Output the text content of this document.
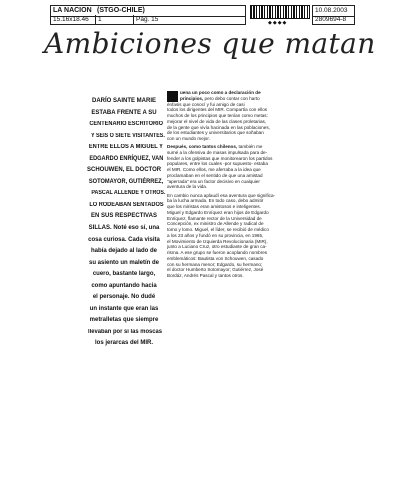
LA NACION (STGO-CHILE)
15.16x18.46	1	Pág. 15	◆◆◆◆
10.08.2003
2809694-8
Ambiciones que matan
DARÍO SAINTE MARIE
ESTABA FRENTE A SU
CENTENARIO ESCRITORIO
Y SEIS O SIETE VISITANTES.
ENTRE ELLOS A MIGUEL Y
EDGARDO ENRÍQUEZ, VAN
SCHOUWEN, EL DOCTOR
SOTOMAYOR, GUTIÉRREZ,
PASCAL ALLENDE Y OTROS.
LO RODEABAN SENTADOS
EN SUS RESPECTIVAS
SILLAS. Noté eso sí, una
cosa curiosa. Cada visita
había dejado al lado de
su asiento un maletín de
cuero, bastante largo,
como apuntando hacia
el personaje. No dudé
un instante que eran las
metralletas que siempre
llevaban por sí las moscas
los jerarcas del MIR.

uena un poco como a declaración de
principios, pero debo contar con harto
énfasis que conocí y fui amigo de casi
todos los dirigentes del MIR. Compartía con ellos
muchos de los principios que tenían como metas:
mejorar el nivel de vida de las clases proletarias,
de la gente que vivía hacinada en las poblaciones,
de los estudiantes y universitarios que soñaban
con un mundo mejor.

Después, como tantos chilenos, también me
sumé a la ofensiva de masas impulsada para de-
fender a los golpistas que monitorearon los partidos
populares, entre los cuales -por supuesto- estaba
el MIR. Como ellos, me aferraba a la idea que
proclamaban en el sentido de que una amistad
"aperrada" era un factor decisivo en cualquier
aventura de la vida.

En cambio nunca aplaudí esa aventura que significa-
ba la lucha armada. En todo caso, debo admitir
que los miristas eran amistosos e inteligentes.
Miguel y Edgardo Enríquez eran hijos de Edgardo
Enríquez, flamante rector de la Universidad de
Concepción, ex ministro de Allende y radical de
tomo y lomo. Miguel, el líder, se recibió de médico
a los 23 años y fundó en su provincia, en 1965,
el Movimiento de Izquierda Revolucionaria (MIR),
junto a Luciano Cruz, otro estudiante de gran ca-
risma. A ese grupo se fueron acoplando nombres
emblemáticos: Bautista von Schouwen, casado
con su hermana menor; Edgardo, su hermano;
el doctor Humberto Sotomayor; Gutiérrez, José
Bordáz, Andrés Pascal y tantos otros.
